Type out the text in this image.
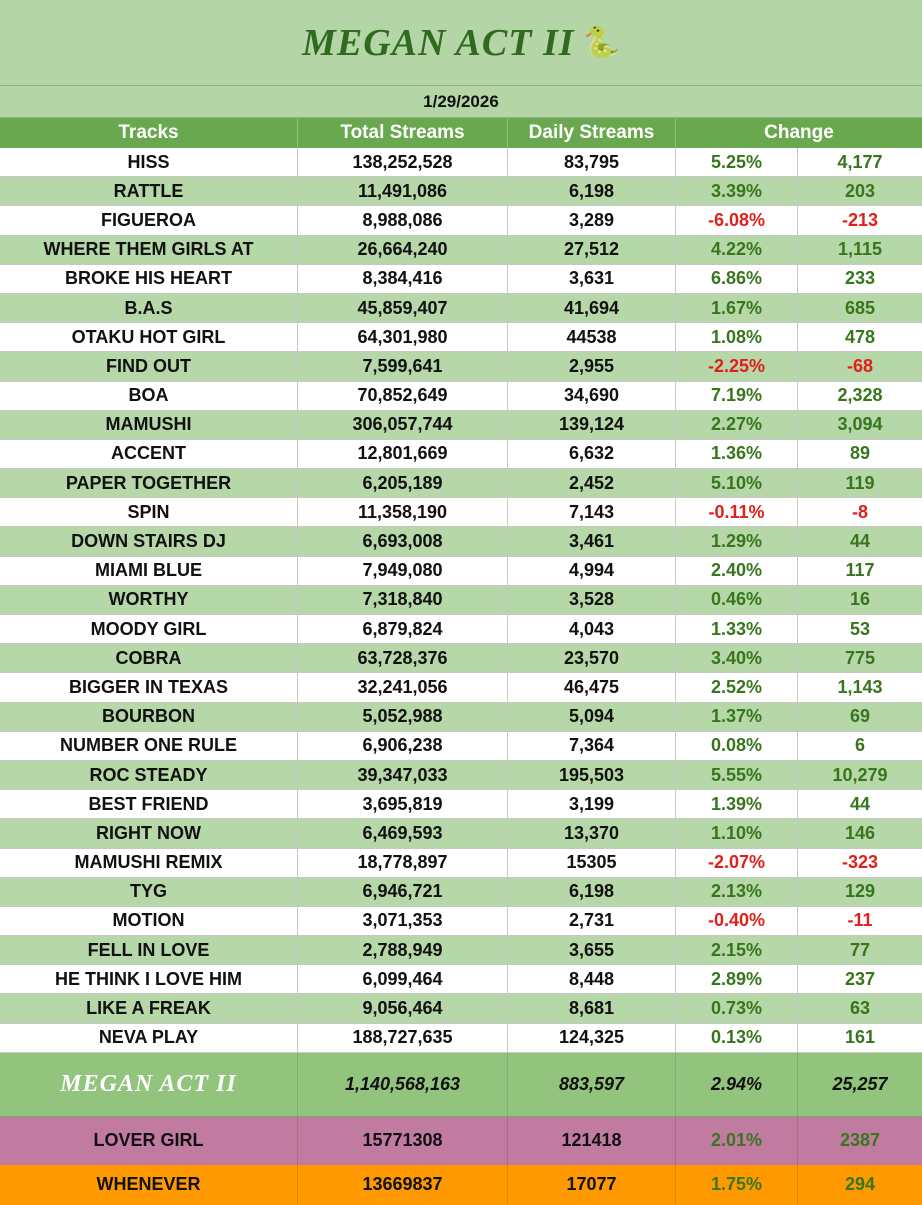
MEGAN ACT II 🐍
1/29/2026
Tracks	Total Streams	Daily Streams	Change
HISS	138,252,528	83,795	5.25%	4,177
RATTLE	11,491,086	6,198	3.39%	203
FIGUEROA	8,988,086	3,289	-6.08%	-213
WHERE THEM GIRLS AT	26,664,240	27,512	4.22%	1,115
BROKE HIS HEART	8,384,416	3,631	6.86%	233
B.A.S	45,859,407	41,694	1.67%	685
OTAKU HOT GIRL	64,301,980	44538	1.08%	478
FIND OUT	7,599,641	2,955	-2.25%	-68
BOA	70,852,649	34,690	7.19%	2,328
MAMUSHI	306,057,744	139,124	2.27%	3,094
ACCENT	12,801,669	6,632	1.36%	89
PAPER TOGETHER	6,205,189	2,452	5.10%	119
SPIN	11,358,190	7,143	-0.11%	-8
DOWN STAIRS DJ	6,693,008	3,461	1.29%	44
MIAMI BLUE	7,949,080	4,994	2.40%	117
WORTHY	7,318,840	3,528	0.46%	16
MOODY GIRL	6,879,824	4,043	1.33%	53
COBRA	63,728,376	23,570	3.40%	775
BIGGER IN TEXAS	32,241,056	46,475	2.52%	1,143
BOURBON	5,052,988	5,094	1.37%	69
NUMBER ONE RULE	6,906,238	7,364	0.08%	6
ROC STEADY	39,347,033	195,503	5.55%	10,279
BEST FRIEND	3,695,819	3,199	1.39%	44
RIGHT NOW	6,469,593	13,370	1.10%	146
MAMUSHI REMIX	18,778,897	15305	-2.07%	-323
TYG	6,946,721	6,198	2.13%	129
MOTION	3,071,353	2,731	-0.40%	-11
FELL IN LOVE	2,788,949	3,655	2.15%	77
HE THINK I LOVE HIM	6,099,464	8,448	2.89%	237
LIKE A FREAK	9,056,464	8,681	0.73%	63
NEVA PLAY	188,727,635	124,325	0.13%	161
MEGAN ACT II	1,140,568,163	883,597	2.94%	25,257
LOVER GIRL	15771308	121418	2.01%	2387
WHENEVER	13669837	17077	1.75%	294
